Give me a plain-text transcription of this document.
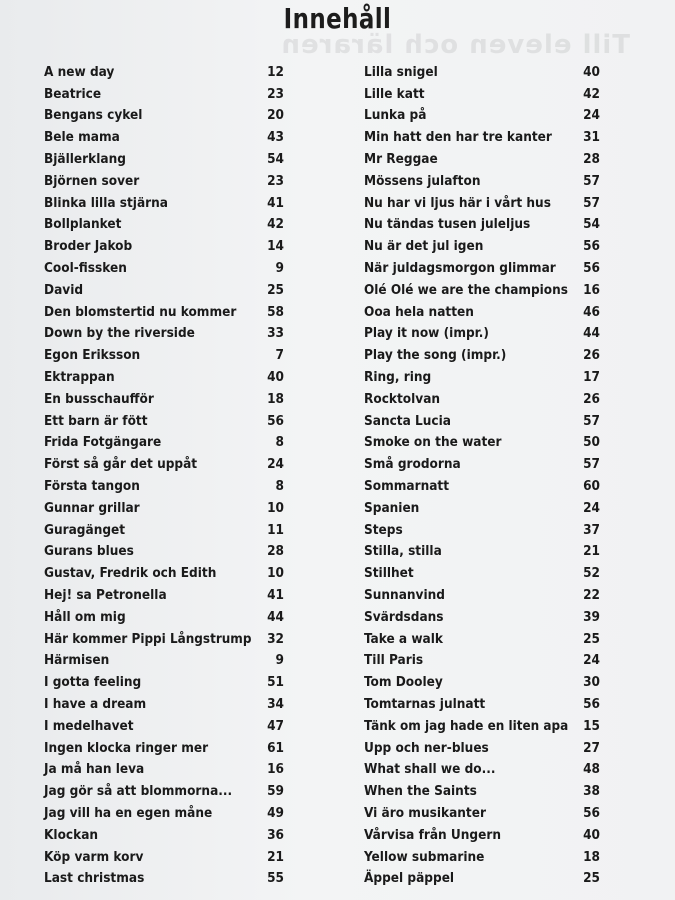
Till eleven och läraren
Innehåll
A new day	12
Beatrice	23
Bengans cykel	20
Bele mama	43
Bjällerklang	54
Björnen sover	23
Blinka lilla stjärna	41
Bollplanket	42
Broder Jakob	14
Cool-fissken	9
David	25
Den blomstertid nu kommer	58
Down by the riverside	33
Egon Eriksson	7
Ektrappan	40
En busschaufför	18
Ett barn är fött	56
Frida Fotgängare	8
Först så går det uppåt	24
Första tangon	8
Gunnar grillar	10
Guragänget	11
Gurans blues	28
Gustav, Fredrik och Edith	10
Hej! sa Petronella	41
Håll om mig	44
Här kommer Pippi Långstrump	32
Härmisen	9
I gotta feeling	51
I have a dream	34
I medelhavet	47
Ingen klocka ringer mer	61
Ja må han leva	16
Jag gör så att blommorna...	59
Jag vill ha en egen måne	49
Klockan	36
Köp varm korv	21
Last christmas	55
Lilla snigel	40
Lille katt	42
Lunka på	24
Min hatt den har tre kanter	31
Mr Reggae	28
Mössens julafton	57
Nu har vi ljus här i vårt hus	57
Nu tändas tusen juleljus	54
Nu är det jul igen	56
När juldagsmorgon glimmar	56
Olé Olé we are the champions	16
Ooa hela natten	46
Play it now (impr.)	44
Play the song (impr.)	26
Ring, ring	17
Rocktolvan	26
Sancta Lucia	57
Smoke on the water	50
Små grodorna	57
Sommarnatt	60
Spanien	24
Steps	37
Stilla, stilla	21
Stillhet	52
Sunnanvind	22
Svärdsdans	39
Take a walk	25
Till Paris	24
Tom Dooley	30
Tomtarnas julnatt	56
Tänk om jag hade en liten apa	15
Upp och ner-blues	27
What shall we do...	48
When the Saints	38
Vi äro musikanter	56
Vårvisa från Ungern	40
Yellow submarine	18
Äppel päppel	25
